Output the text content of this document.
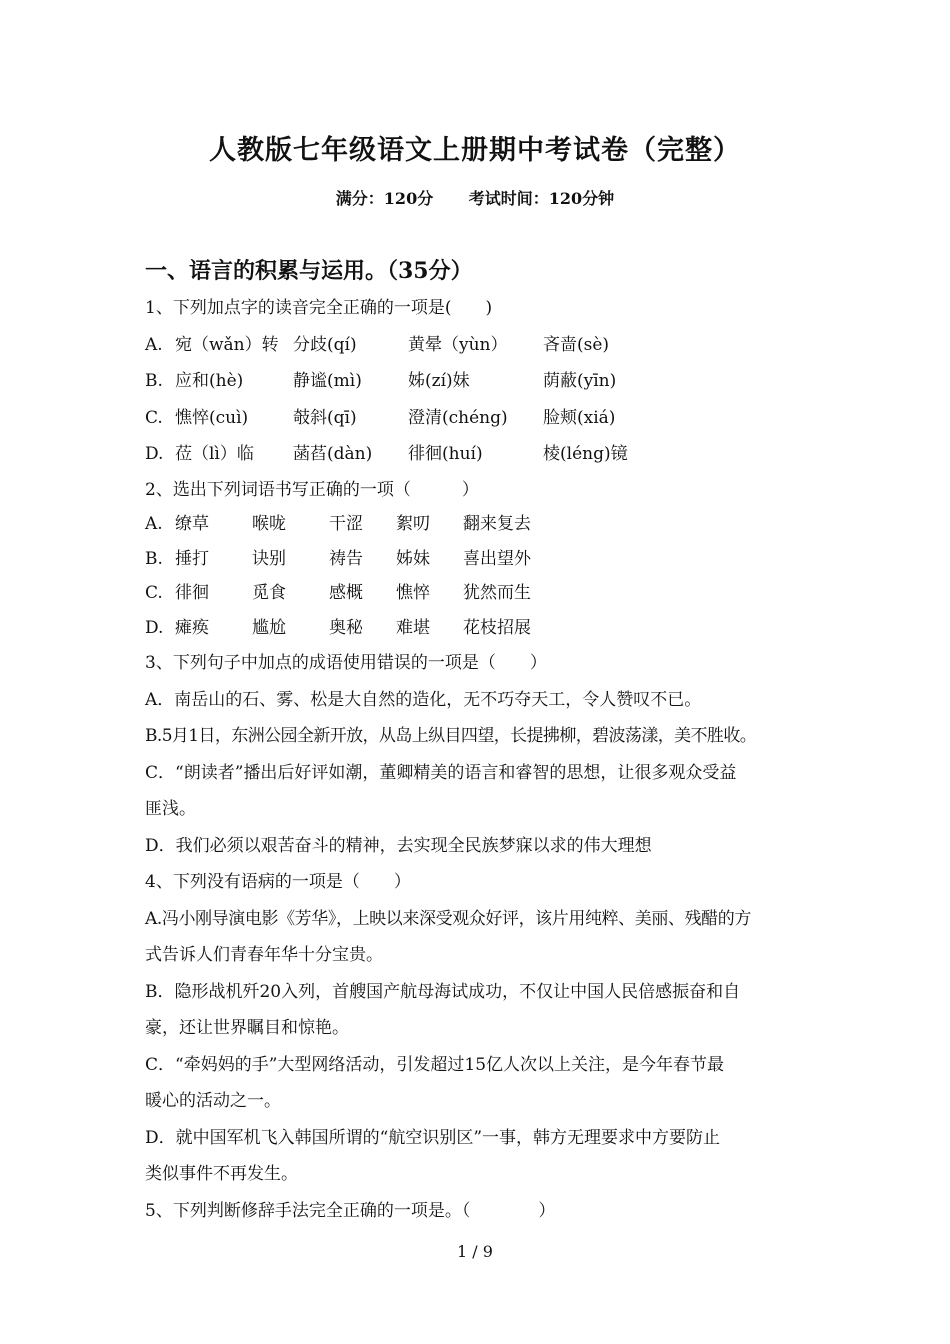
人教版七年级语文上册期中考试卷（完整）
满分：120分 考试时间：120分钟
一、语言的积累与运用。（35分）
1、下列加点字的读音完全正确的一项是(　　)
A. 宛（wǎn）转 分歧(qí)	黄晕（yùn） 吝啬(sè)
B. 应和(hè)	静谧(mì)	姊(zí)妹	荫蔽(yīn)
C. 憔悴(cuì)	攲斜(qī)	澄清(chéng) 脸颊(xiá)
D. 莅（lì）临 菡萏(dàn) 徘徊(huí)	棱(léng)镜
2、选出下列词语书写正确的一项（　　　）
A. 缭草	喉咙	干涩 絮叨 翻来复去
B. 捶打	诀别	祷告 姊妹 喜出望外
C. 徘徊	觅食	感概 憔悴 犹然而生
D. 瘫痪	尴尬	奥秘 难堪 花枝招展
3、下列句子中加点的成语使用错误的一项是（　　）
A．南岳山的石、雾、松是大自然的造化，无不巧夺天工，令人赞叹不已。
B.5月1日，东洲公园全新开放，从岛上纵目四望，长提拂柳，碧波荡漾，美不胜收。
C．“朗读者”播出后好评如潮，董卿精美的语言和睿智的思想，让很多观众受益
匪浅。
D．我们必须以艰苦奋斗的精神，去实现全民族梦寐以求的伟大理想
4、下列没有语病的一项是（　　）
A.冯小刚导演电影《芳华》，上映以来深受观众好评，该片用纯粹、美丽、残醋的方
式告诉人们青春年华十分宝贵。
B．隐形战机歼20入列，首艘国产航母海试成功，不仅让中国人民倍感振奋和自
豪，还让世界瞩目和惊艳。
C．“牵妈妈的手”大型网络活动，引发超过15亿人次以上关注，是今年春节最
暖心的活动之一。
D．就中国军机飞入韩国所谓的“航空识别区”一事，韩方无理要求中方要防止
类似事件不再发生。
5、下列判断修辞手法完全正确的一项是。（　　　　）
1 / 9
